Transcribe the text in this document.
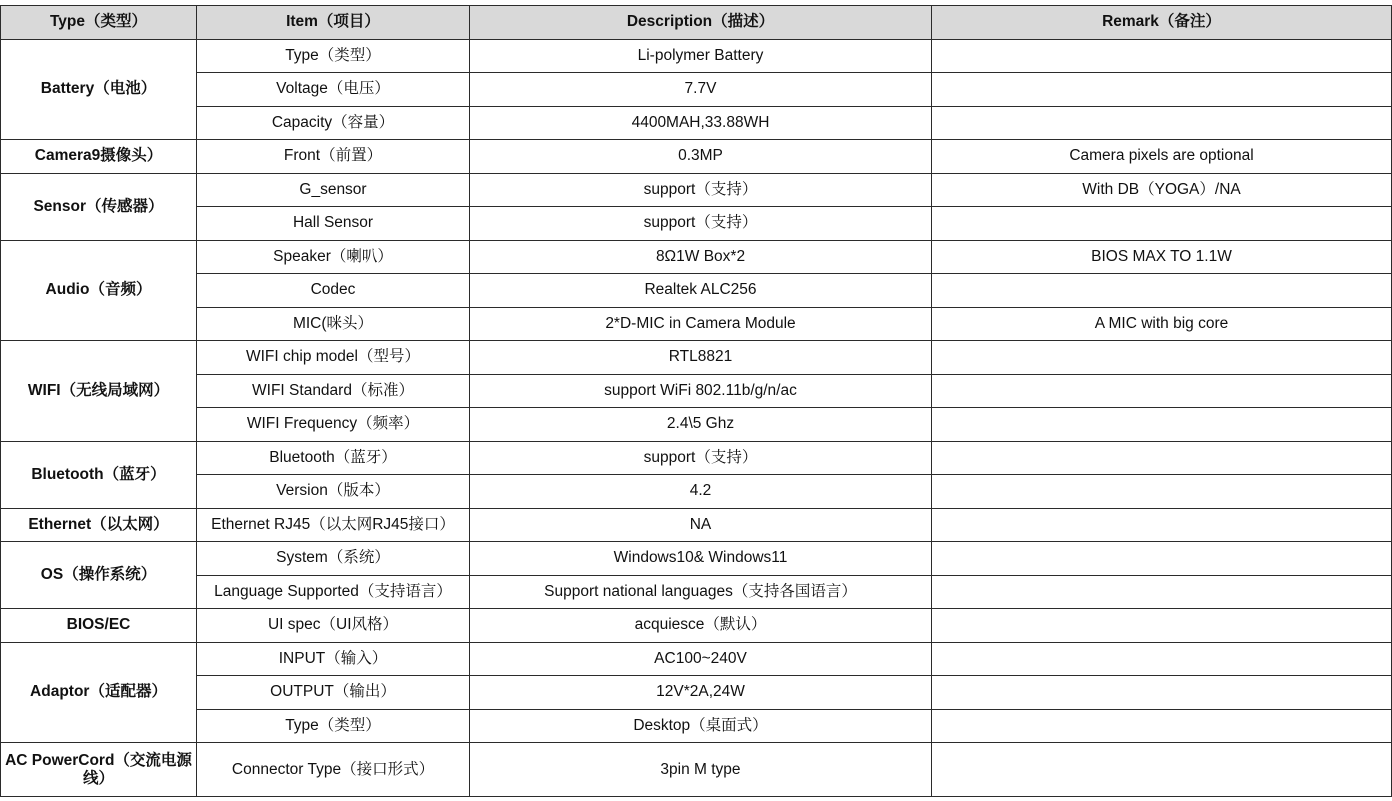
Type（类型）	Item（项目）	Description（描述）	Remark（备注）
Battery（电池）	Type（类型）	Li-polymer Battery	
	Voltage（电压）	7.7V	
	Capacity（容量）	4400MAH,33.88WH	
Camera9摄像头）	Front（前置）	0.3MP	Camera pixels are optional
Sensor（传感器）	G_sensor	support（支持）	With DB（YOGA）/NA
	Hall Sensor	support（支持）	
Audio（音频）	Speaker（喇叭）	8Ω1W Box*2	BIOS MAX TO 1.1W
	Codec	Realtek ALC256	
	MIC(咪头）	2*D-MIC in Camera Module	A MIC with big core
WIFI（无线局域网）	WIFI chip model（型号）	RTL8821	
	WIFI Standard（标准）	support WiFi 802.11b/g/n/ac	
	WIFI Frequency（频率）	2.4\5 Ghz	
Bluetooth（蓝牙）	Bluetooth（蓝牙）	support（支持）	
	Version（版本）	4.2	
Ethernet（以太网）	Ethernet RJ45（以太网RJ45接口）	NA	
OS（操作系统）	System（系统）	Windows10& Windows11	
	Language Supported（支持语言）	Support national languages（支持各国语言）	
BIOS/EC	UI spec（UI风格）	acquiesce（默认）	
Adaptor（适配器）	INPUT（输入）	AC100~240V	
	OUTPUT（输出）	12V*2A,24W	
	Type（类型）	Desktop（桌面式）	
AC PowerCord（交流电源线）	Connector Type（接口形式）	3pin M type	
